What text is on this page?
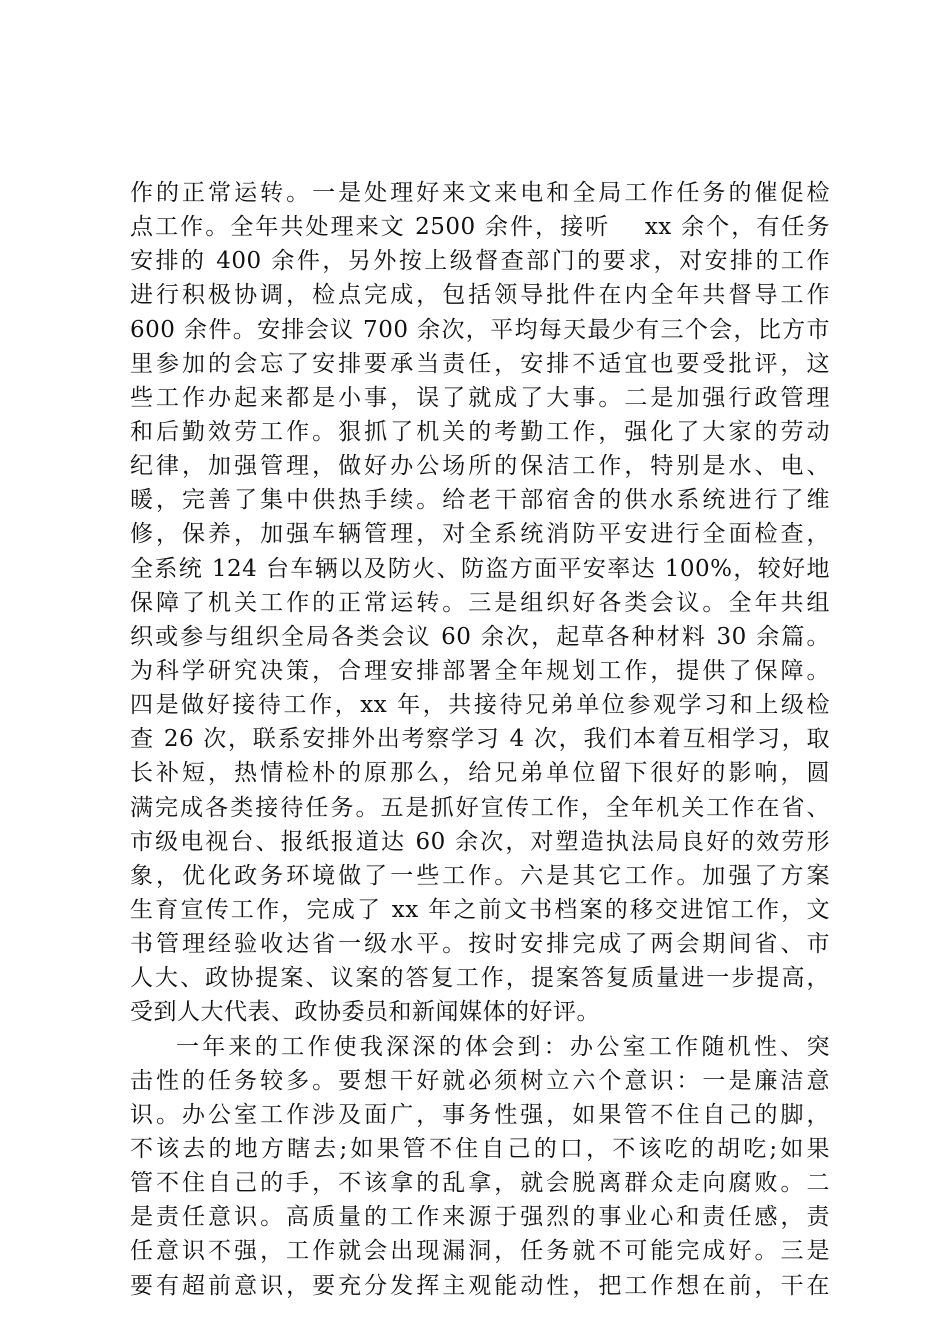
作的正常运转。一是处理好来文来电和全局工作任务的催促检
点工作。全年共处理来文 2500 余件，接听　 xx 余个，有任务
安排的 400 余件，另外按上级督查部门的要求，对安排的工作
进行积极协调，检点完成，包括领导批件在内全年共督导工作
600 余件。安排会议 700 余次，平均每天最少有三个会，比方市
里参加的会忘了安排要承当责任，安排不适宜也要受批评，这
些工作办起来都是小事，误了就成了大事。二是加强行政管理
和后勤效劳工作。狠抓了机关的考勤工作，强化了大家的劳动
纪律，加强管理，做好办公场所的保洁工作，特别是水、电、
暖，完善了集中供热手续。给老干部宿舍的供水系统进行了维
修，保养，加强车辆管理，对全系统消防平安进行全面检查，
全系统 124 台车辆以及防火、防盗方面平安率达 100%，较好地
保障了机关工作的正常运转。三是组织好各类会议。全年共组
织或参与组织全局各类会议 60 余次，起草各种材料 30 余篇。
为科学研究决策，合理安排部署全年规划工作，提供了保障。
四是做好接待工作，xx 年，共接待兄弟单位参观学习和上级检
查 26 次，联系安排外出考察学习 4 次，我们本着互相学习，取
长补短，热情检朴的原那么，给兄弟单位留下很好的影响，圆
满完成各类接待任务。五是抓好宣传工作，全年机关工作在省、
市级电视台、报纸报道达 60 余次，对塑造执法局良好的效劳形
象，优化政务环境做了一些工作。六是其它工作。加强了方案
生育宣传工作，完成了 xx 年之前文书档案的移交进馆工作，文
书管理经验收达省一级水平。按时安排完成了两会期间省、市
人大、政协提案、议案的答复工作，提案答复质量进一步提高，
受到人大代表、政协委员和新闻媒体的好评。
一年来的工作使我深深的体会到：办公室工作随机性、突
击性的任务较多。要想干好就必须树立六个意识：一是廉洁意
识。办公室工作涉及面广，事务性强，如果管不住自己的脚，
不该去的地方瞎去;如果管不住自己的口，不该吃的胡吃;如果
管不住自己的手，不该拿的乱拿，就会脱离群众走向腐败。二
是责任意识。高质量的工作来源于强烈的事业心和责任感，责
任意识不强，工作就会出现漏洞，任务就不可能完成好。三是
要有超前意识，要充分发挥主观能动性，把工作想在前，干在
